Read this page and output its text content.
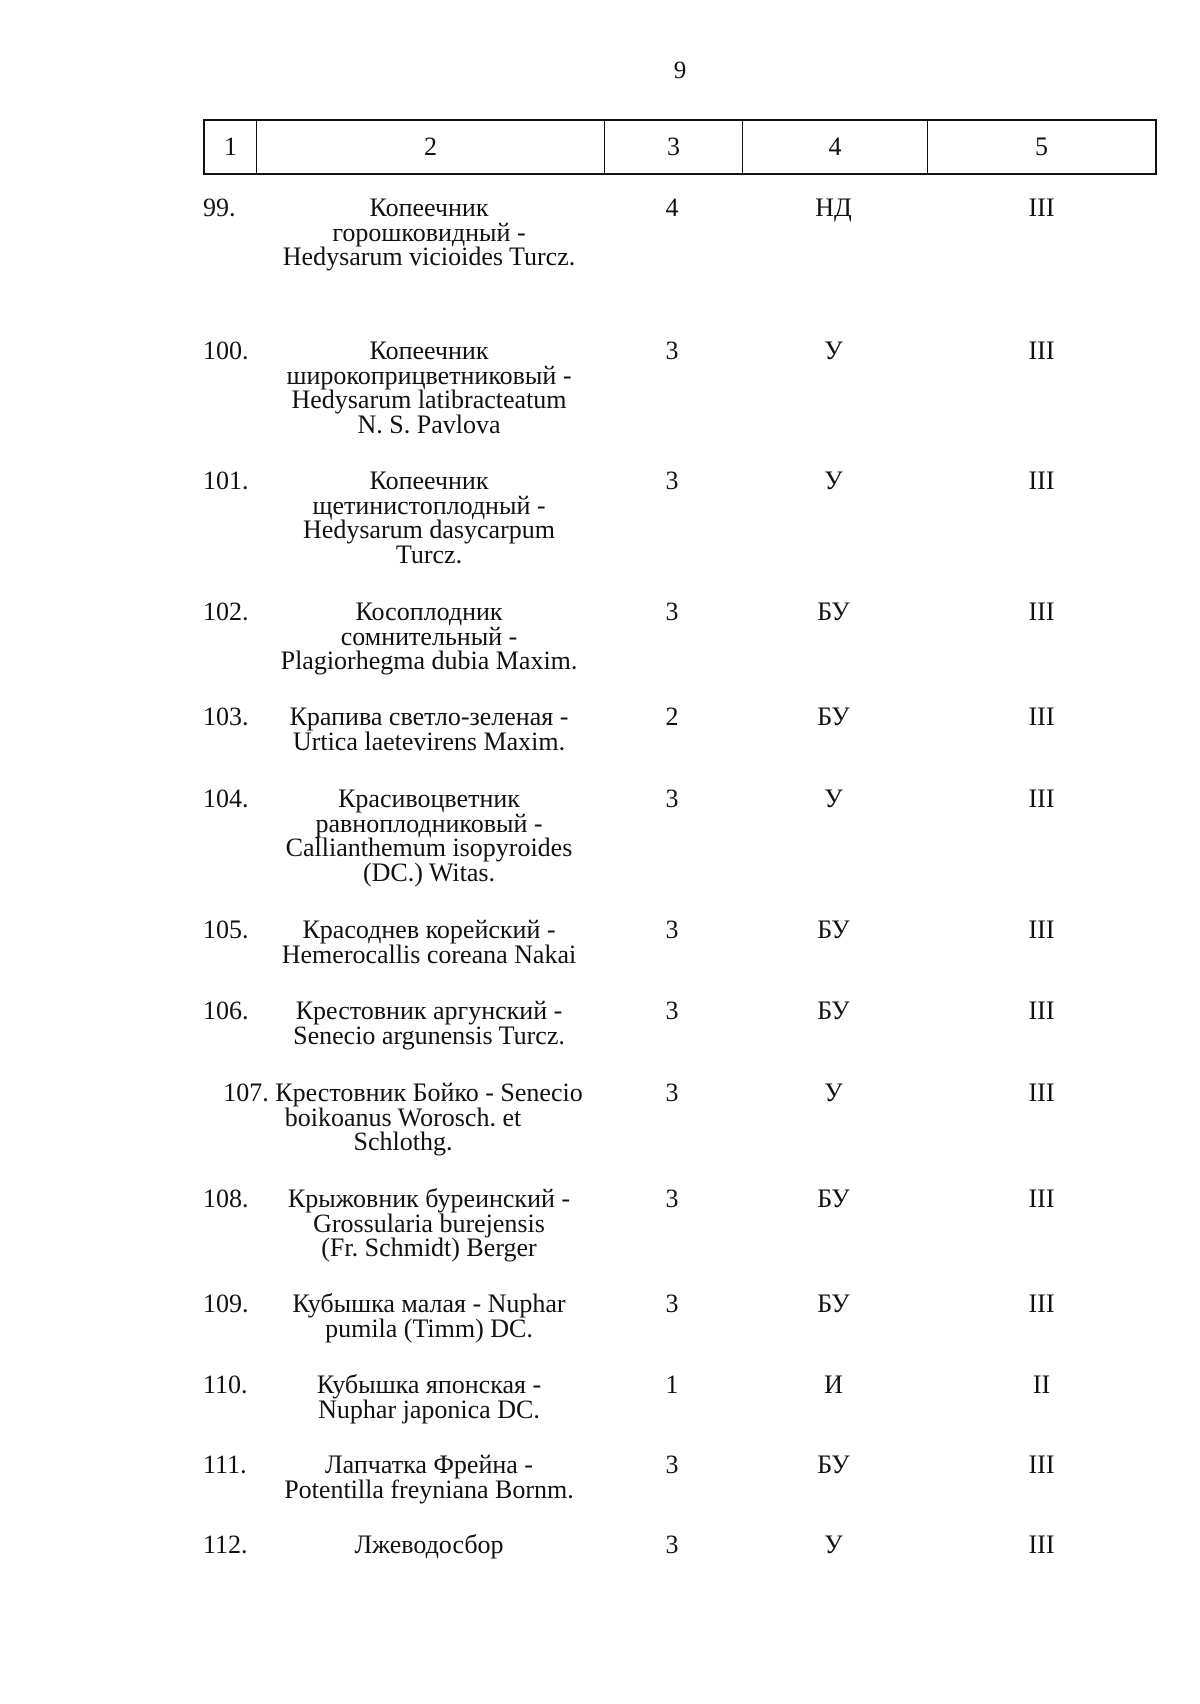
9
1	2	3	4	5
99.	Копеечник
горошковидный -
Hedysarum vicioides Turcz.
4	НД	III
100.	Копеечник
широкоприцветниковый -
Hedysarum latibracteatum
N. S. Pavlova
3	У	III
101.	Копеечник
щетинистоплодный -
Hedysarum dasycarpum
Turcz.
3	У	III
102.	Косоплодник
сомнительный -
Plagiorhegma dubia Maxim.
3	БУ	III
103.	Крапива светло-зеленая -
Urtica laetevirens Maxim.
2	БУ	III
104.	Красивоцветник
равноплодниковый -
Callianthemum isopyroides
(DC.) Witas.
3	У	III
105.	Красоднев корейский -
Hemerocallis coreana Nakai
3	БУ	III
106.	Крестовник аргунский -
Senecio argunensis Turcz.
3	БУ	III
107. Крестовник Бойко - Senecio
boikoanus Worosch. et
Schlothg.
3	У	III
108.	Крыжовник буреинский -
Grossularia burejensis
(Fr. Schmidt) Berger
3	БУ	III
109.	Кубышка малая - Nuphar
pumila (Timm) DC.
3	БУ	III
110.	Кубышка японская -
Nuphar japonica DC.
1	И	II
111.	Лапчатка Фрейна -
Potentilla freyniana Bornm.
3	БУ	III
112.	Лжеводосбор	3	У	III
